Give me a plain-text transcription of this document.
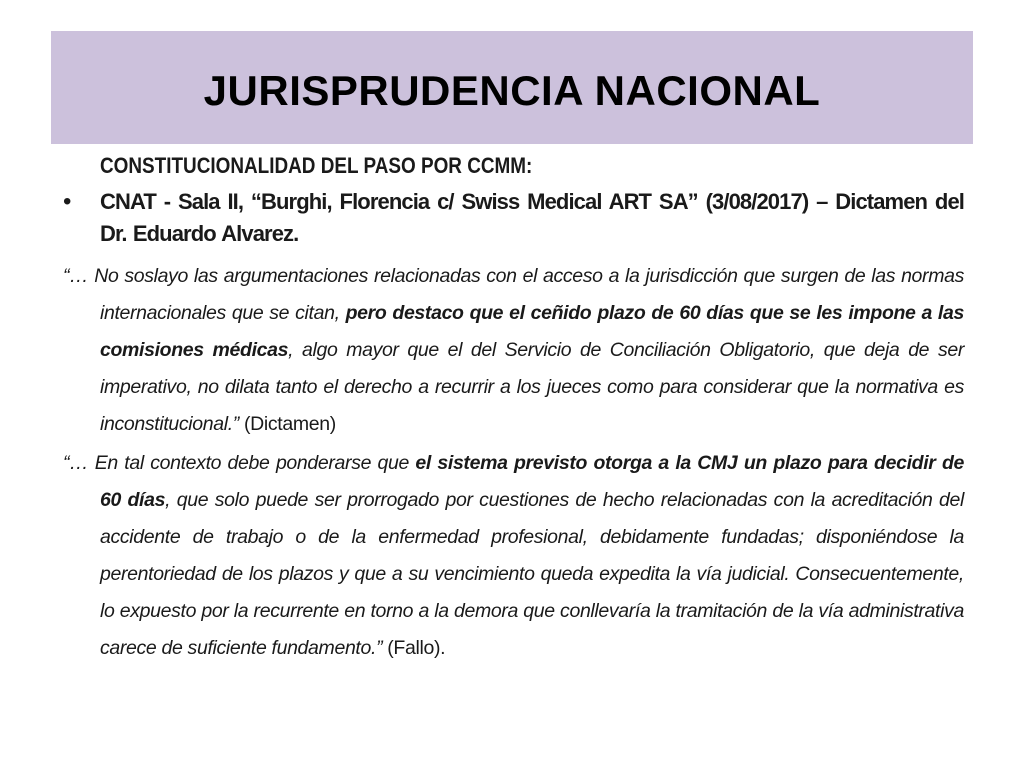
JURISPRUDENCIA NACIONAL
CONSTITUCIONALIDAD DEL PASO POR CCMM:
• CNAT - Sala II, “Burghi, Florencia c/ Swiss Medical ART SA” (3/08/2017) – Dictamen del Dr. Eduardo Alvarez.

“… No soslayo las argumentaciones relacionadas con el acceso a la jurisdicción que surgen de las normas internacionales que se citan, pero destaco que el ceñido plazo de 60 días que se les impone a las comisiones médicas, algo mayor que el del Servicio de Conciliación Obligatorio, que deja de ser imperativo, no dilata tanto el derecho a recurrir a los jueces como para considerar que la normativa es inconstitucional.” (Dictamen)

“… En tal contexto debe ponderarse que el sistema previsto otorga a la CMJ un plazo para decidir de 60 días, que solo puede ser prorrogado por cuestiones de hecho relacionadas con la acreditación del accidente de trabajo o de la enfermedad profesional, debidamente fundadas; disponiéndose la perentoriedad de los plazos y que a su vencimiento queda expedita la vía judicial. Consecuentemente, lo expuesto por la recurrente en torno a la demora que conllevaría la tramitación de la vía administrativa carece de suficiente fundamento.” (Fallo).
